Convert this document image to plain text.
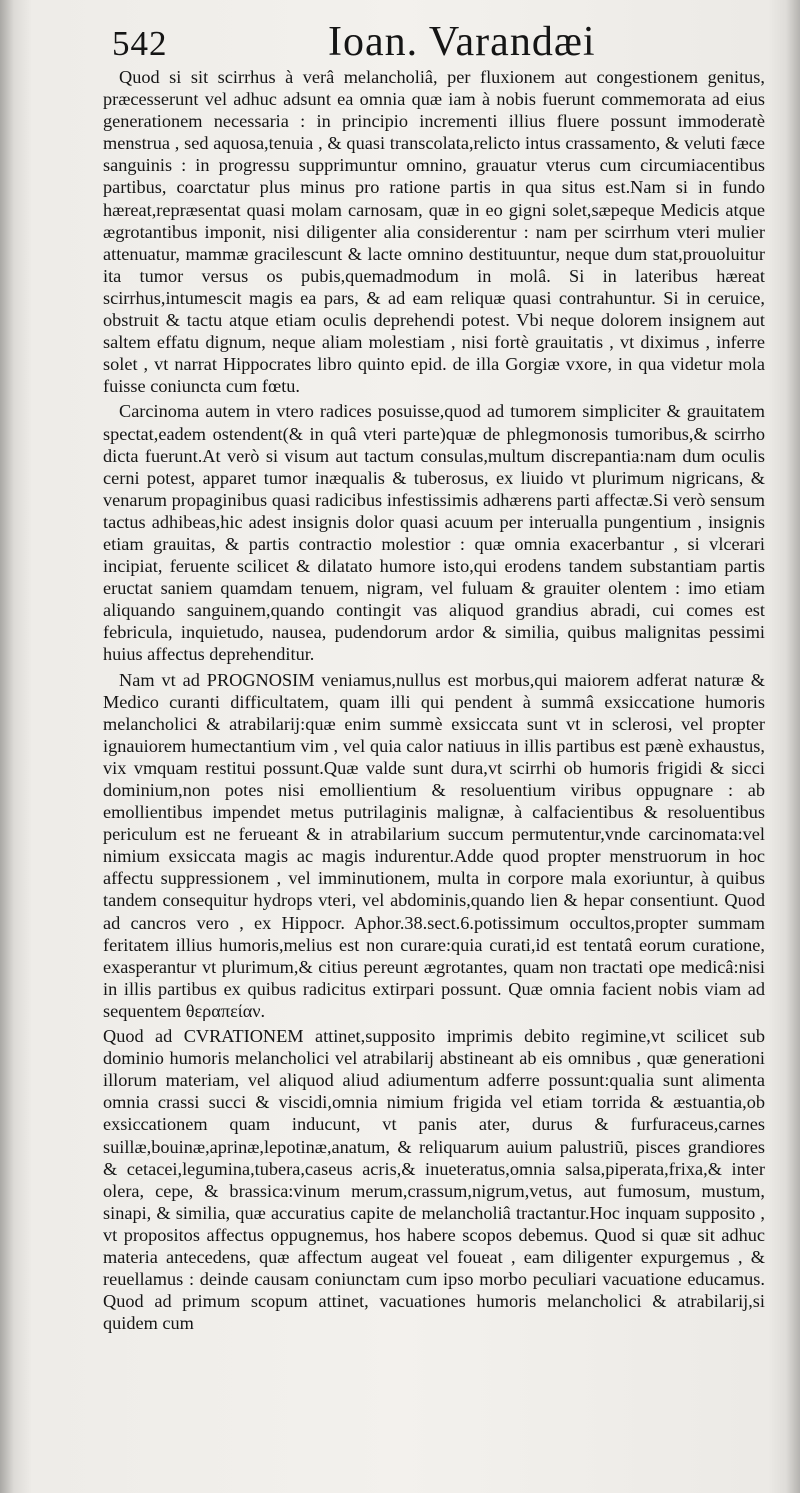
542	Ioan. Varandæi

Quod si sit scirrhus à verâ melancholiâ, per fluxionem aut congestionem genitus, præcesserunt vel adhuc adsunt ea omnia quæ iam à nobis fuerunt commemorata ad eius generationem necessaria : in principio incrementi illius fluere possunt immoderatè menstrua , sed aquosa,tenuia , & quasi transcolata,relicto intus crassamento, & veluti fæce sanguinis : in progressu supprimuntur omnino, grauatur vterus cum circumiacentibus partibus, coarctatur plus minus pro ratione partis in qua situs est.Nam si in fundo hæreat,repræsentat quasi molam carnosam, quæ in eo gigni solet,sæpeque Medicis atque ægrotantibus imponit, nisi diligenter alia considerentur : nam per scirrhum vteri mulier attenuatur, mammæ gracilescunt & lacte omnino destituuntur, neque dum stat,prouoluitur ita tumor versus os pubis,quemadmodum in molâ. Si in lateribus hæreat scirrhus,intumescit magis ea pars, & ad eam reliquæ quasi contrahuntur. Si in ceruice, obstruit & tactu atque etiam oculis deprehendi potest. Vbi neque dolorem insignem aut saltem effatu dignum, neque aliam molestiam , nisi fortè grauitatis , vt diximus , inferre solet , vt narrat Hippocrates libro quinto epid. de illa Gorgiæ vxore, in qua videtur mola fuisse coniuncta cum fœtu.

Carcinoma autem in vtero radices posuisse,quod ad tumorem simpliciter & grauitatem spectat,eadem ostendent(& in quâ vteri parte)quæ de phlegmonosis tumoribus,& scirrho dicta fuerunt.At verò si visum aut tactum consulas,multum discrepantia:nam dum oculis cerni potest, apparet tumor inæqualis & tuberosus, ex liuido vt plurimum nigricans, & venarum propaginibus quasi radicibus infestissimis adhærens parti affectæ.Si verò sensum tactus adhibeas,hic adest insignis dolor quasi acuum per interualla pungentium , insignis etiam grauitas, & partis contractio molestior : quæ omnia exacerbantur , si vlcerari incipiat, feruente scilicet & dilatato humore isto,qui erodens tandem substantiam partis eructat saniem quamdam tenuem, nigram, vel fuluam & grauiter olentem : imo etiam aliquando sanguinem,quando contingit vas aliquod grandius abradi, cui comes est febricula, inquietudo, nausea, pudendorum ardor & similia, quibus malignitas pessimi huius affectus deprehenditur.

Nam vt ad PROGNOSIM veniamus,nullus est morbus,qui maiorem adferat naturæ & Medico curanti difficultatem, quam illi qui pendent à summâ exsiccatione humoris melancholici & atrabilarij:quæ enim summè exsiccata sunt vt in sclerosi, vel propter ignauiorem humectantium vim , vel quia calor natiuus in illis partibus est pænè exhaustus, vix vmquam restitui possunt.Quæ valde sunt dura,vt scirrhi ob humoris frigidi & sicci dominium,non potes nisi emollientium & resoluentium viribus oppugnare : ab emollientibus impendet metus putrilaginis malignæ, à calfacientibus & resoluentibus periculum est ne ferueant & in atrabilarium succum permutentur,vnde carcinomata:vel nimium exsiccata magis ac magis indurentur.Adde quod propter menstruorum in hoc affectu suppressionem , vel imminutionem, multa in corpore mala exoriuntur, à quibus tandem consequitur hydrops vteri, vel abdominis,quando lien & hepar consentiunt. Quod ad cancros vero , ex Hippocr. Aphor.38.sect.6.potissimum occultos,propter summam feritatem illius humoris,melius est non curare:quia curati,id est tentatâ eorum curatione, exasperantur vt plurimum,& citius pereunt ægrotantes, quam non tractati ope medicâ:nisi in illis partibus ex quibus radicitus extirpari possunt. Quæ omnia facient nobis viam ad sequentem θεραπείαν.

Quod ad CVRATIONEM attinet,supposito imprimis debito regimine,vt scilicet sub dominio humoris melancholici vel atrabilarij abstineant ab eis omnibus , quæ generationi illorum materiam, vel aliquod aliud adiumentum adferre possunt:qualia sunt alimenta omnia crassi succi & viscidi,omnia nimium frigida vel etiam torrida & æstuantia,ob exsiccationem quam inducunt, vt panis ater, durus & furfuraceus,carnes suillæ,bouinæ,aprinæ,lepotinæ,anatum, & reliquarum auium palustriũ, pisces grandiores & cetacei,legumina,tubera,caseus acris,& inueteratus,omnia salsa,piperata,frixa,& inter olera, cepe, & brassica:vinum merum,crassum,nigrum,vetus, aut fumosum, mustum, sinapi, & similia, quæ accuratius capite de melancholiâ tractantur.Hoc inquam supposito , vt propositos affectus oppugnemus, hos habere scopos debemus. Quod si quæ sit adhuc materia antecedens, quæ affectum augeat vel foueat , eam diligenter expurgemus , & reuellamus : deinde causam coniunctam cum ipso morbo peculiari vacuatione educamus. Quod ad primum scopum attinet, vacuationes humoris melancholici & atrabilarij,si quidem cum
